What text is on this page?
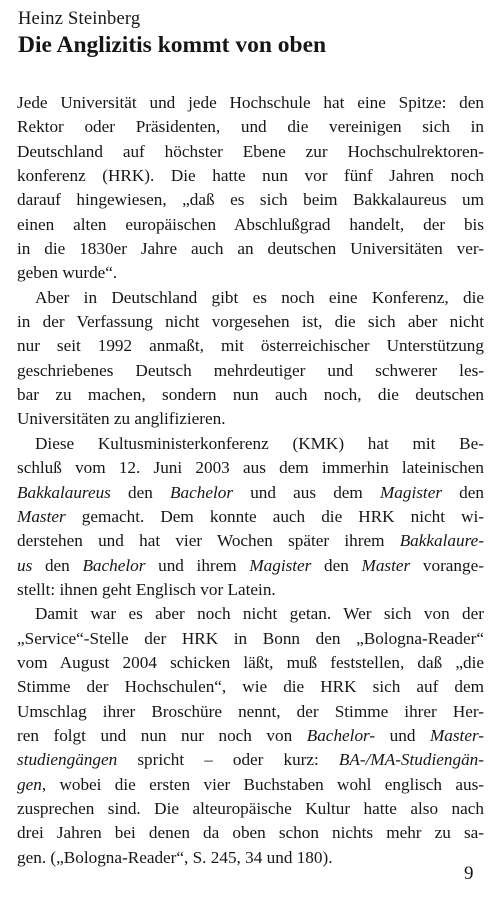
Heinz Steinberg
Die Anglizitis kommt von oben
Jede Universität und jede Hochschule hat eine Spitze: den
Rektor oder Präsidenten, und die vereinigen sich in
Deutschland auf höchster Ebene zur Hochschulrektoren-
konferenz (HRK). Die hatte nun vor fünf Jahren noch
darauf hingewiesen, „daß es sich beim Bakkalaureus um
einen alten europäischen Abschlußgrad handelt, der bis
in die 1830er Jahre auch an deutschen Universitäten ver-
geben wurde“.
Aber in Deutschland gibt es noch eine Konferenz, die
in der Verfassung nicht vorgesehen ist, die sich aber nicht
nur seit 1992 anmaßt, mit österreichischer Unterstützung
geschriebenes Deutsch mehrdeutiger und schwerer les-
bar zu machen, sondern nun auch noch, die deutschen
Universitäten zu anglifizieren.
Diese Kultusministerkonferenz (KMK) hat mit Be-
schluß vom 12. Juni 2003 aus dem immerhin lateinischen
Bakkalaureus den Bachelor und aus dem Magister den
Master gemacht. Dem konnte auch die HRK nicht wi-
derstehen und hat vier Wochen später ihrem Bakkalaure-
us den Bachelor und ihrem Magister den Master vorange-
stellt: ihnen geht Englisch vor Latein.
Damit war es aber noch nicht getan. Wer sich von der
„Service“-Stelle der HRK in Bonn den „Bologna-Reader“
vom August 2004 schicken läßt, muß feststellen, daß „die
Stimme der Hochschulen“, wie die HRK sich auf dem
Umschlag ihrer Broschüre nennt, der Stimme ihrer Her-
ren folgt und nun nur noch von Bachelor- und Master-
studiengängen spricht – oder kurz: BA-/MA-Studiengän-
gen, wobei die ersten vier Buchstaben wohl englisch aus-
zusprechen sind. Die alteuropäische Kultur hatte also nach
drei Jahren bei denen da oben schon nichts mehr zu sa-
gen. („Bologna-Reader“, S. 245, 34 und 180).
9
